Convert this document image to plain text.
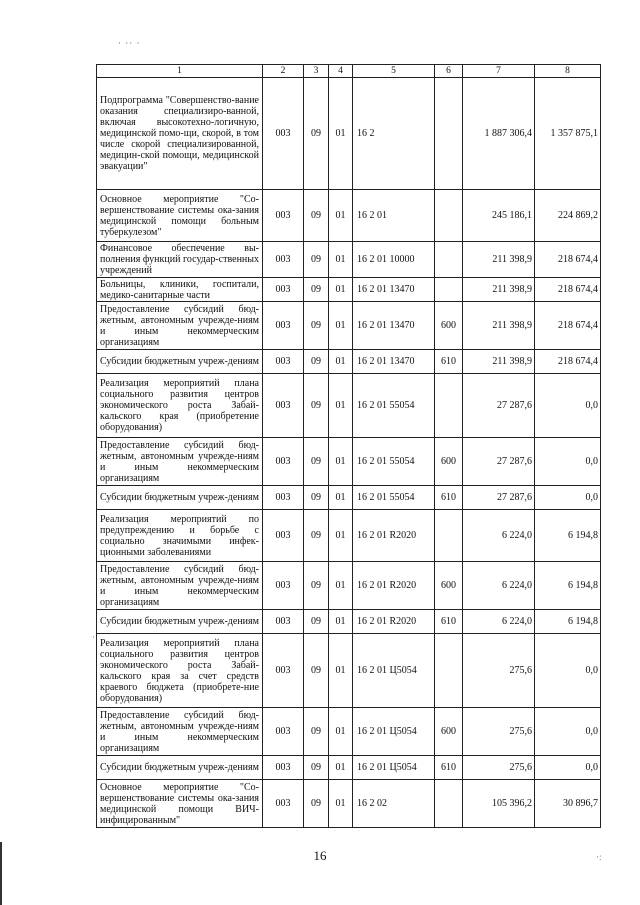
· ·· ·
1	2	3	4	5	6	7	8
Подпрограмма "Совершенство-вание оказания специализиро-ванной, включая высокотехно-логичную, медицинской помо-щи, скорой, в том числе скорой специализированной, медицин-ской помощи, медицинской эвакуации"	003	09	01	16 2		1 887 306,4	1 357 875,1
Основное мероприятие "Со-вершенствование системы ока-зания медицинской помощи больным туберкулезом"	003	09	01	16 2 01		245 186,1	224 869,2
Финансовое обеспечение вы-полнения функций государ-ственных учреждений	003	09	01	16 2 01 10000		211 398,9	218 674,4
Больницы, клиники, госпитали, медико-санитарные части	003	09	01	16 2 01 13470		211 398,9	218 674,4
Предоставление субсидий бюд-жетным, автономным учрежде-ниям и иным некоммерческим организациям	003	09	01	16 2 01 13470	600	211 398,9	218 674,4
Субсидии бюджетным учреж-дениям	003	09	01	16 2 01 13470	610	211 398,9	218 674,4
Реализация мероприятий плана социального развития центров экономического роста Забай-кальского края (приобретение оборудования)	003	09	01	16 2 01 55054		27 287,6	0,0
Предоставление субсидий бюд-жетным, автономным учрежде-ниям и иным некоммерческим организациям	003	09	01	16 2 01 55054	600	27 287,6	0,0
Субсидии бюджетным учреж-дениям	003	09	01	16 2 01 55054	610	27 287,6	0,0
Реализация мероприятий по предупреждению и борьбе с социально значимыми инфек-ционными заболеваниями	003	09	01	16 2 01 R2020		6 224,0	6 194,8
Предоставление субсидий бюд-жетным, автономным учрежде-ниям и иным некоммерческим организациям	003	09	01	16 2 01 R2020	600	6 224,0	6 194,8
Субсидии бюджетным учреж-дениям	003	09	01	16 2 01 R2020	610	6 224,0	6 194,8
Реализация мероприятий плана социального развития центров экономического роста Забай-кальского края за счет средств краевого бюджета (приобрете-ние оборудования)	003	09	01	16 2 01 Ц5054		275,6	0,0
Предоставление субсидий бюд-жетным, автономным учрежде-ниям и иным некоммерческим организациям	003	09	01	16 2 01 Ц5054	600	275,6	0,0
Субсидии бюджетным учреж-дениям	003	09	01	16 2 01 Ц5054	610	275,6	0,0
Основное мероприятие "Со-вершенствование системы ока-зания медицинской помощи ВИЧ-инфицированным"	003	09	01	16 2 02		105 396,2	30 896,7
16	·:
·
